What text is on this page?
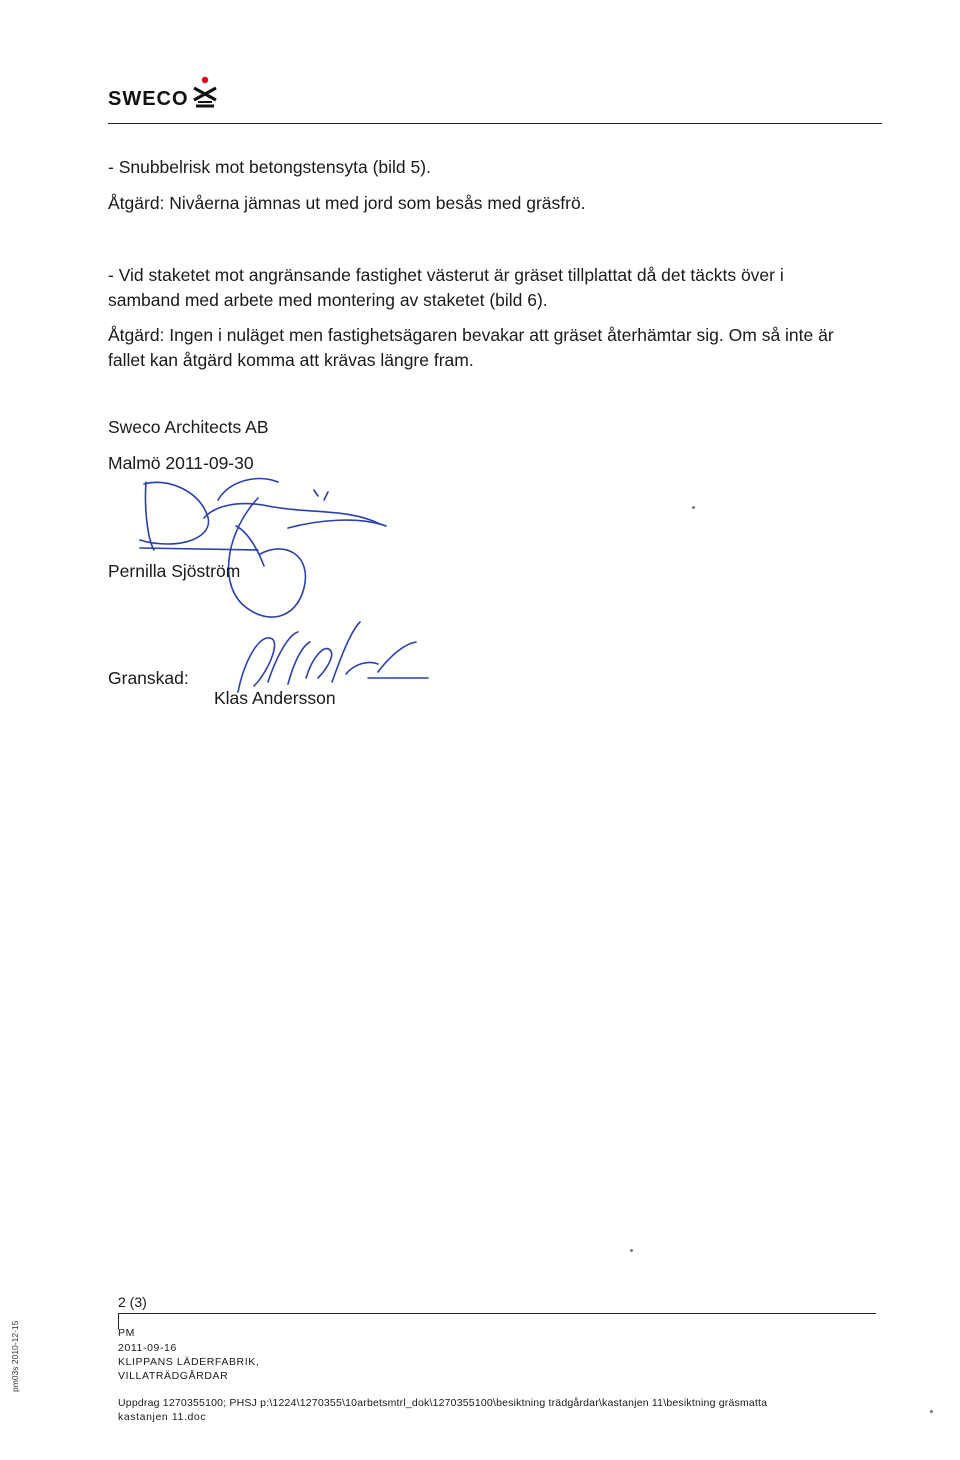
SWECO

- Snubbelrisk mot betongstensyta (bild 5).

Åtgärd: Nivåerna jämnas ut med jord som besås med gräsfrö.

- Vid staketet mot angränsande fastighet västerut är gräset tillplattat då det täckts över i

samband med arbete med montering av staketet (bild 6).

Åtgärd: Ingen i nuläget men fastighetsägaren bevakar att gräset återhämtar sig. Om så inte är

fallet kan åtgärd komma att krävas längre fram.

Sweco Architects AB
Malmö 2011-09-30
Pernilla Sjöström
Granskad:
Klas Andersson
2 (3)
PM
2011-09-16
KLIPPANS LÄDERFABRIK,
VILLATRÄDGÅRDAR
Uppdrag 1270355100; PHSJ p:\1224\1270355\10arbetsmtrl_dok\1270355100\besiktning trädgårdar\kastanjen 11\besiktning gräsmatta
kastanjen 11.doc
pm03s 2010-12-15
